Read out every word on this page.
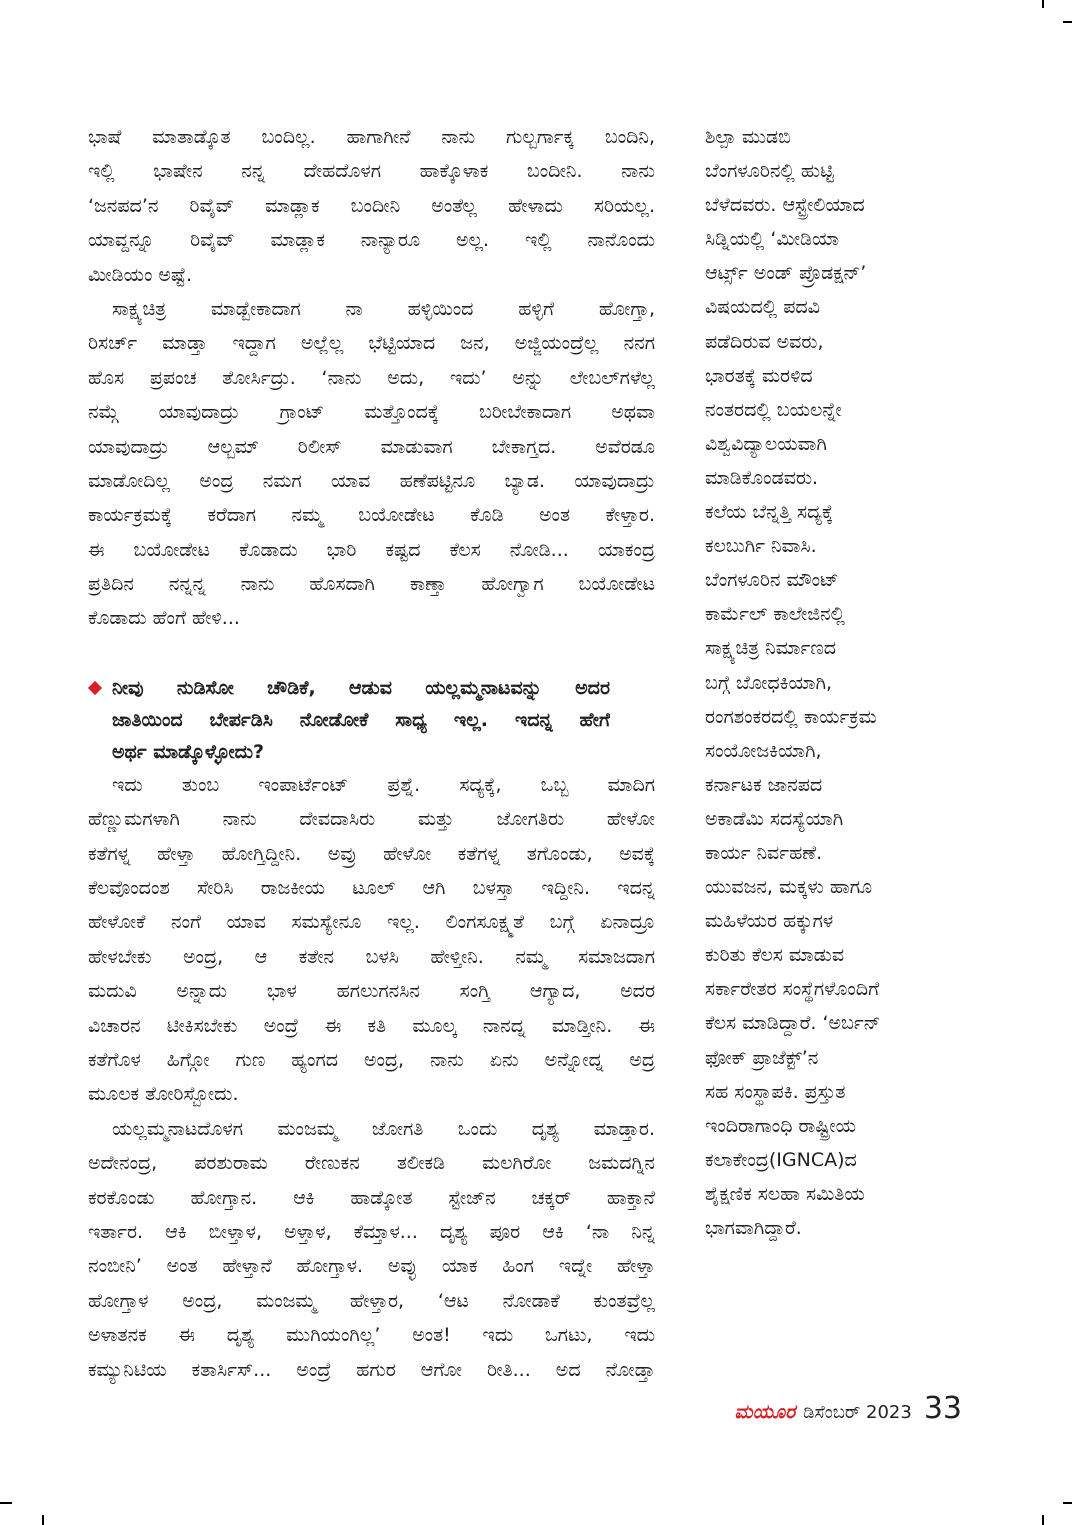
ಭಾಷೆ ಮಾತಾಡ್ಕೊತ ಬಂದಿಲ್ಲ. ಹಾಗಾಗೀನೆ ನಾನು ಗುಲ್ಬರ್ಗಾಕ್ಕ ಬಂದಿನಿ,
ಇಲ್ಲಿ ಭಾಷೇನ ನನ್ನ ದೇಹದೊಳಗ ಹಾಕ್ಕೊಳಾಕ ಬಂದೀನಿ. ನಾನು
‘ಜನಪದ’ನ ರಿವೈವ್ ಮಾಡ್ಲಾಕ ಬಂದೀನಿ ಅಂತೆಲ್ಲ ಹೇಳಾದು ಸರಿಯಲ್ಲ.
ಯಾವ್ದನ್ನೂ ರಿವೈವ್ ಮಾಡ್ಲಾಕ ನಾನ್ಯಾರೂ ಅಲ್ಲ. ಇಲ್ಲಿ ನಾನೊಂದು
ಮೀಡಿಯಂ ಅಷ್ಟೆ.
ಸಾಕ್ಷ್ಯಚಿತ್ರ ಮಾಡ್ಬೇಕಾದಾಗ ನಾ ಹಳ್ಳಿಯಿಂದ ಹಳ್ಳಿಗೆ ಹೋಗ್ತಾ,
ರಿಸರ್ಚ್ ಮಾಡ್ತಾ ಇದ್ದಾಗ ಅಲ್ಲೆಲ್ಲ ಭೆಟ್ಟಿಯಾದ ಜನ, ಅಜ್ಜಿಯಂದ್ರೆಲ್ಲ ನನಗ
ಹೊಸ ಪ್ರಪಂಚ ತೋರ್ಸಿದ್ರು. ‘ನಾನು ಅದು, ಇದು’ ಅನ್ನು ಲೇಬಲ್‌ಗಳೆಲ್ಲ
ನಮ್ಗೆ ಯಾವುದಾದ್ರು ಗ್ರಾಂಟ್ ಮತ್ತೊಂದಕ್ಕೆ ಬರೀಬೇಕಾದಾಗ ಅಥವಾ
ಯಾವುದಾದ್ರು ಆಲ್ಬಮ್ ರಿಲೀಸ್ ಮಾಡುವಾಗ ಬೇಕಾಗ್ತದ. ಅವೆರಡೂ
ಮಾಡೋದಿಲ್ಲ ಅಂದ್ರ ನಮಗ ಯಾವ ಹಣೆಪಟ್ಟಿನೂ ಬ್ಯಾಡ. ಯಾವುದಾದ್ರು
ಕಾರ್ಯಕ್ರಮಕ್ಕೆ ಕರೆದಾಗ ನಮ್ಮ ಬಯೋಡೇಟ ಕೊಡಿ ಅಂತ ಕೇಳ್ತಾರ.
ಈ ಬಯೋಡೇಟ ಕೊಡಾದು ಭಾರಿ ಕಷ್ಟದ ಕೆಲಸ ನೋಡಿ... ಯಾಕಂದ್ರ
ಪ್ರತಿದಿನ ನನ್ನನ್ನ ನಾನು ಹೊಸದಾಗಿ ಕಾಣ್ತಾ ಹೋಗ್ವಾಗ ಬಯೋಡೇಟ
ಕೊಡಾದು ಹೆಂಗೆ ಹೇಳಿ...
ನೀವು ನುಡಿಸೋ ಚೌಡಿಕೆ, ಆಡುವ ಯಲ್ಲಮ್ಮನಾಟವನ್ನು ಅದರ
ಜಾತಿಯಿಂದ ಬೇರ್ಪಡಿಸಿ ನೋಡೋಕೆ ಸಾಧ್ಯ ಇಲ್ಲ. ಇದನ್ನ ಹೇಗೆ
ಅರ್ಥ ಮಾಡ್ಕೊಳ್ಳೋದು?
ಇದು ತುಂಬ ಇಂಪಾರ್ಟೆಂಟ್ ಪ್ರಶ್ನೆ. ಸದ್ಯಕ್ಕೆ, ಒಬ್ಬ ಮಾದಿಗ
ಹೆಣ್ಣುಮಗಳಾಗಿ ನಾನು ದೇವದಾಸಿರು ಮತ್ತು ಜೋಗತಿರು ಹೇಳೋ
ಕತೆಗಳ್ನ ಹೇಳ್ತಾ ಹೋಗ್ತಿದ್ದೀನಿ. ಅವ್ರು ಹೇಳೋ ಕತೆಗಳ್ನ ತಗೊಂಡು, ಅವಕ್ಕೆ
ಕೆಲವೊಂದಂಶ ಸೇರಿಸಿ ರಾಜಕೀಯ ಟೂಲ್ ಆಗಿ ಬಳಸ್ತಾ ಇದ್ದೀನಿ. ಇದನ್ನ
ಹೇಳೋಕೆ ನಂಗೆ ಯಾವ ಸಮಸ್ಯೇನೂ ಇಲ್ಲ. ಲಿಂಗಸೂಕ್ಷ್ಮತೆ ಬಗ್ಗೆ ಏನಾದ್ರೂ
ಹೇಳಬೇಕು ಅಂದ್ರ, ಆ ಕತೇನ ಬಳಸಿ ಹೇಳ್ತೀನಿ. ನಮ್ಮ ಸಮಾಜದಾಗ
ಮದುವಿ ಅನ್ನಾದು ಭಾಳ ಹಗಲುಗನಸಿನ ಸಂಗ್ತಿ ಆಗ್ಯಾದ, ಅದರ
ವಿಚಾರನ ಟೀಕಿಸಬೇಕು ಅಂದ್ರೆ ಈ ಕತಿ ಮೂಲ್ಕ ನಾನದ್ನ ಮಾಡ್ತೀನಿ. ಈ
ಕತೆಗೊಳ ಹಿಗ್ಗೋ ಗುಣ ಹ್ಯಂಗದ ಅಂದ್ರ, ನಾನು ಏನು ಅನ್ನೋದ್ನ ಅದ್ರ
ಮೂಲಕ ತೋರಿಸ್ಬೋದು.
ಯಲ್ಲಮ್ಮನಾಟದೊಳಗ ಮಂಜಮ್ಮ ಜೋಗತಿ ಒಂದು ದೃಶ್ಯ ಮಾಡ್ತಾರ.
ಅದೇನಂದ್ರ, ಪರಶುರಾಮ ರೇಣುಕನ ತಲೀಕಡಿ ಮಲಗಿರೋ ಜಮದಗ್ನಿನ
ಕರಕೊಂಡು ಹೋಗ್ತಾನ. ಆಕಿ ಹಾಡ್ಕೋತ ಸ್ಟೇಜ್‌ನ ಚಕ್ಕರ್ ಹಾಕ್ತಾನೆ
ಇರ್ತಾರ. ಆಕಿ ಬೀಳ್ತಾಳ, ಅಳ್ತಾಳ, ಕೆಮ್ತಾಳ... ದೃಶ್ಯ ಪೂರ ಆಕಿ ‘ನಾ ನಿನ್ನ
ನಂಬೀನಿ’ ಅಂತ ಹೇಳ್ತಾನೆ ಹೋಗ್ತಾಳ. ಅವ್ಳು ಯಾಕ ಹಿಂಗ ಇದ್ನೇ ಹೇಳ್ತಾ
ಹೋಗ್ತಾಳ ಅಂದ್ರ, ಮಂಜಮ್ಮ ಹೇಳ್ತಾರ, ‘ಆಟ ನೋಡಾಕೆ ಕುಂತವ್ರೆಲ್ಲ
ಅಳಾತನಕ ಈ ದೃಶ್ಯ ಮುಗಿಯಂಗಿಲ್ಲ’ ಅಂತ! ಇದು ಒಗಟು, ಇದು
ಕಮ್ಯುನಿಟಿಯ ಕತಾರ್ಸಿಸ್... ಅಂದ್ರೆ ಹಗುರ ಆಗೋ ರೀತಿ... ಅದ ನೋಡ್ತಾ
ಶಿಲ್ಪಾ ಮುಡಬಿ
ಬೆಂಗಳೂರಿನಲ್ಲಿ ಹುಟ್ಟಿ
ಬೆಳೆದವರು. ಆಸ್ಟ್ರೇಲಿಯಾದ
ಸಿಡ್ನಿಯಲ್ಲಿ ‘ಮೀಡಿಯಾ
ಆರ್ಟ್ಸ್ ಅಂಡ್ ಪ್ರೊಡಕ್ಷನ್’
ವಿಷಯದಲ್ಲಿ ಪದವಿ
ಪಡೆದಿರುವ ಅವರು,
ಭಾರತಕ್ಕೆ ಮರಳಿದ
ನಂತರದಲ್ಲಿ ಬಯಲನ್ನೇ
ವಿಶ್ವವಿದ್ಯಾಲಯವಾಗಿ
ಮಾಡಿಕೊಂಡವರು.
ಕಲೆಯ ಬೆನ್ನತ್ತಿ ಸದ್ಯಕ್ಕೆ
ಕಲಬುರ್ಗಿ ನಿವಾಸಿ.
ಬೆಂಗಳೂರಿನ ಮೌಂಟ್
ಕಾರ್ಮೆಲ್ ಕಾಲೇಜಿನಲ್ಲಿ
ಸಾಕ್ಷ್ಯಚಿತ್ರ ನಿರ್ಮಾಣದ
ಬಗ್ಗೆ ಬೋಧಕಿಯಾಗಿ,
ರಂಗಶಂಕರದಲ್ಲಿ ಕಾರ್ಯಕ್ರಮ
ಸಂಯೋಜಕಿಯಾಗಿ,
ಕರ್ನಾಟಕ ಜಾನಪದ
ಅಕಾಡೆಮಿ ಸದಸ್ಯೆಯಾಗಿ
ಕಾರ್ಯ ನಿರ್ವಹಣೆ.
ಯುವಜನ, ಮಕ್ಕಳು ಹಾಗೂ
ಮಹಿಳೆಯರ ಹಕ್ಕುಗಳ
ಕುರಿತು ಕೆಲಸ ಮಾಡುವ
ಸರ್ಕಾರೇತರ ಸಂಸ್ಥೆಗಳೊಂದಿಗೆ
ಕೆಲಸ ಮಾಡಿದ್ದಾರೆ. ‘ಅರ್ಬನ್
ಫೋಕ್ ಪ್ರಾಜೆಕ್ಟ್’ನ
ಸಹ ಸಂಸ್ಥಾಪಕಿ. ಪ್ರಸ್ತುತ
ಇಂದಿರಾಗಾಂಧಿ ರಾಷ್ಟ್ರೀಯ
ಕಲಾಕೇಂದ್ರ(IGNCA)ದ
ಶೈಕ್ಷಣಿಕ ಸಲಹಾ ಸಮಿತಿಯ
ಭಾಗವಾಗಿದ್ದಾರೆ.
ಮಯೂರ ಡಿಸೆಂಬರ್ 2023 33
